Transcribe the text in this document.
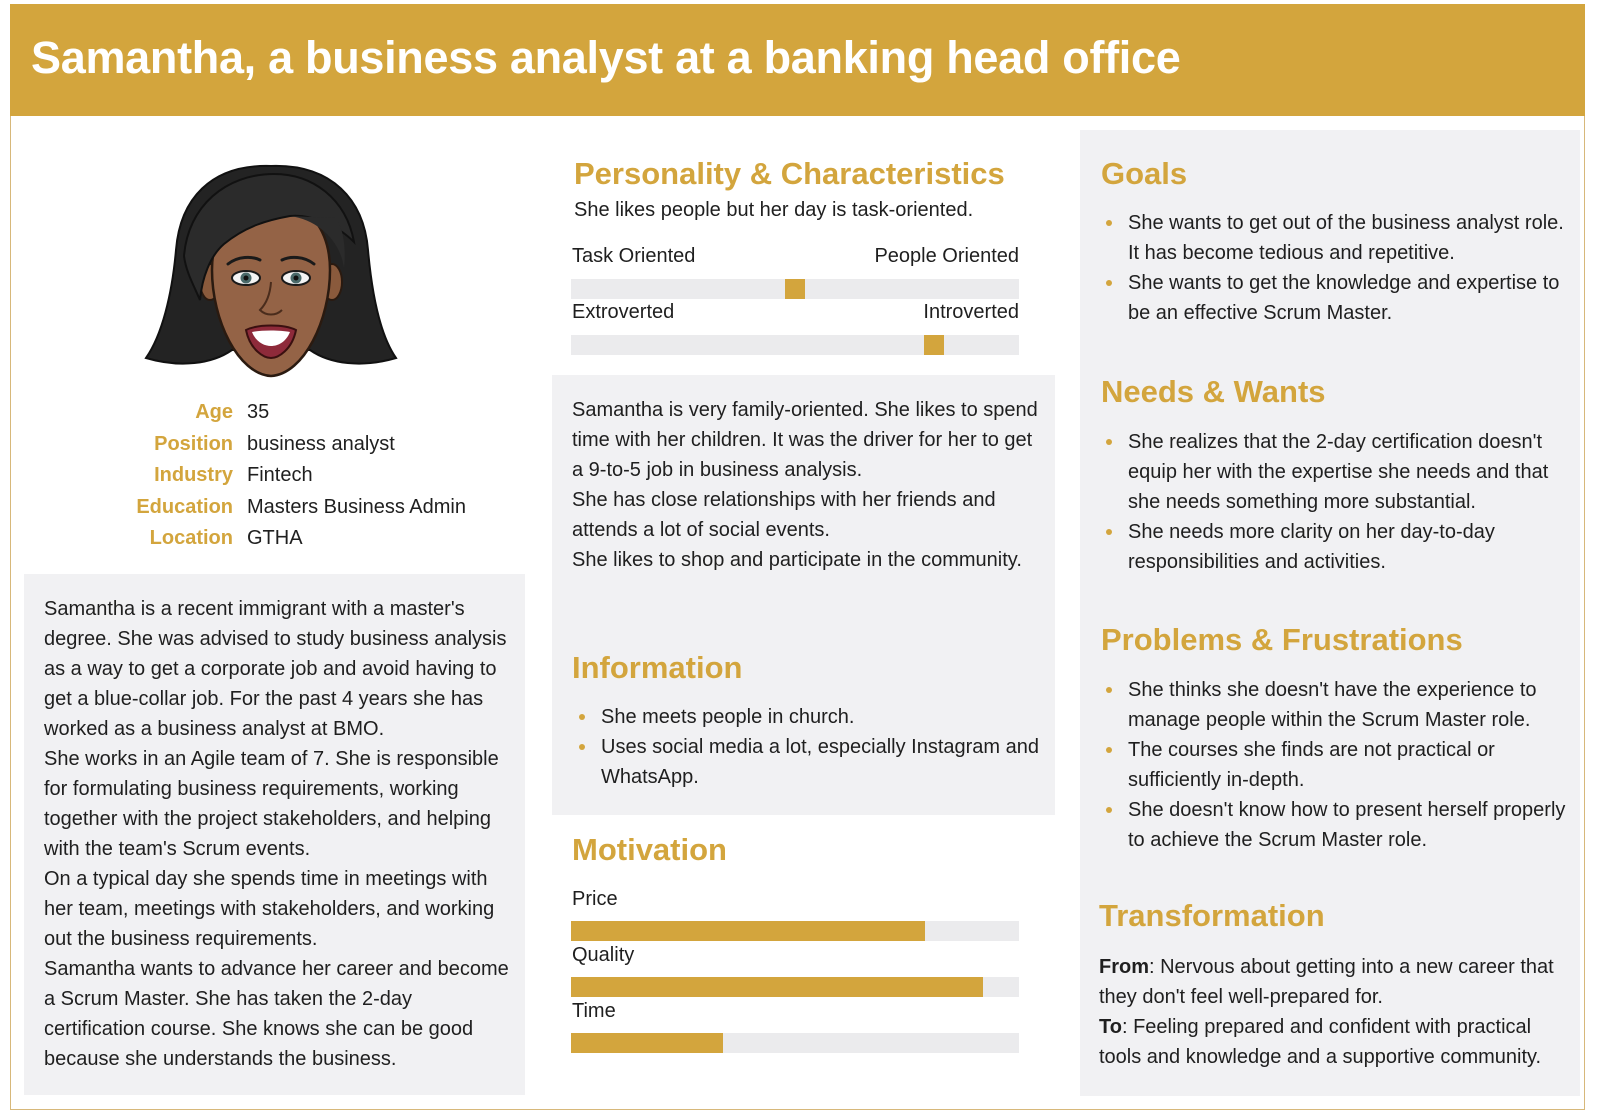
Samantha, a business analyst at a banking head office
Age 35
Position business analyst
Industry Fintech
Education Masters Business Admin
Location GTHA
Samantha is a recent immigrant with a master's degree. She was advised to study business analysis as a way to get a corporate job and avoid having to get a blue-collar job. For the past 4 years she has worked as a business analyst at BMO.
She works in an Agile team of 7. She is responsible for formulating business requirements, working together with the project stakeholders, and helping with the team's Scrum events.
On a typical day she spends time in meetings with her team, meetings with stakeholders, and working out the business requirements.
Samantha wants to advance her career and become a Scrum Master. She has taken the 2-day certification course. She knows she can be good because she understands the business.
Personality & Characteristics
She likes people but her day is task-oriented.
Task Oriented	People Oriented
Extroverted	Introverted
Samantha is very family-oriented. She likes to spend time with her children. It was the driver for her to get a 9-to-5 job in business analysis.
She has close relationships with her friends and attends a lot of social events.
She likes to shop and participate in the community.
Information
She meets people in church.
Uses social media a lot, especially Instagram and WhatsApp.
Motivation
Price
Quality
Time
Goals
She wants to get out of the business analyst role. It has become tedious and repetitive.
She wants to get the knowledge and expertise to be an effective Scrum Master.
Needs & Wants
She realizes that the 2-day certification doesn't equip her with the expertise she needs and that she needs something more substantial.
She needs more clarity on her day-to-day responsibilities and activities.
Problems & Frustrations
She thinks she doesn't have the experience to manage people within the Scrum Master role.
The courses she finds are not practical or sufficiently in-depth.
She doesn't know how to present herself properly to achieve the Scrum Master role.
Transformation
From: Nervous about getting into a new career that they don't feel well-prepared for.
To: Feeling prepared and confident with practical tools and knowledge and a supportive community.
